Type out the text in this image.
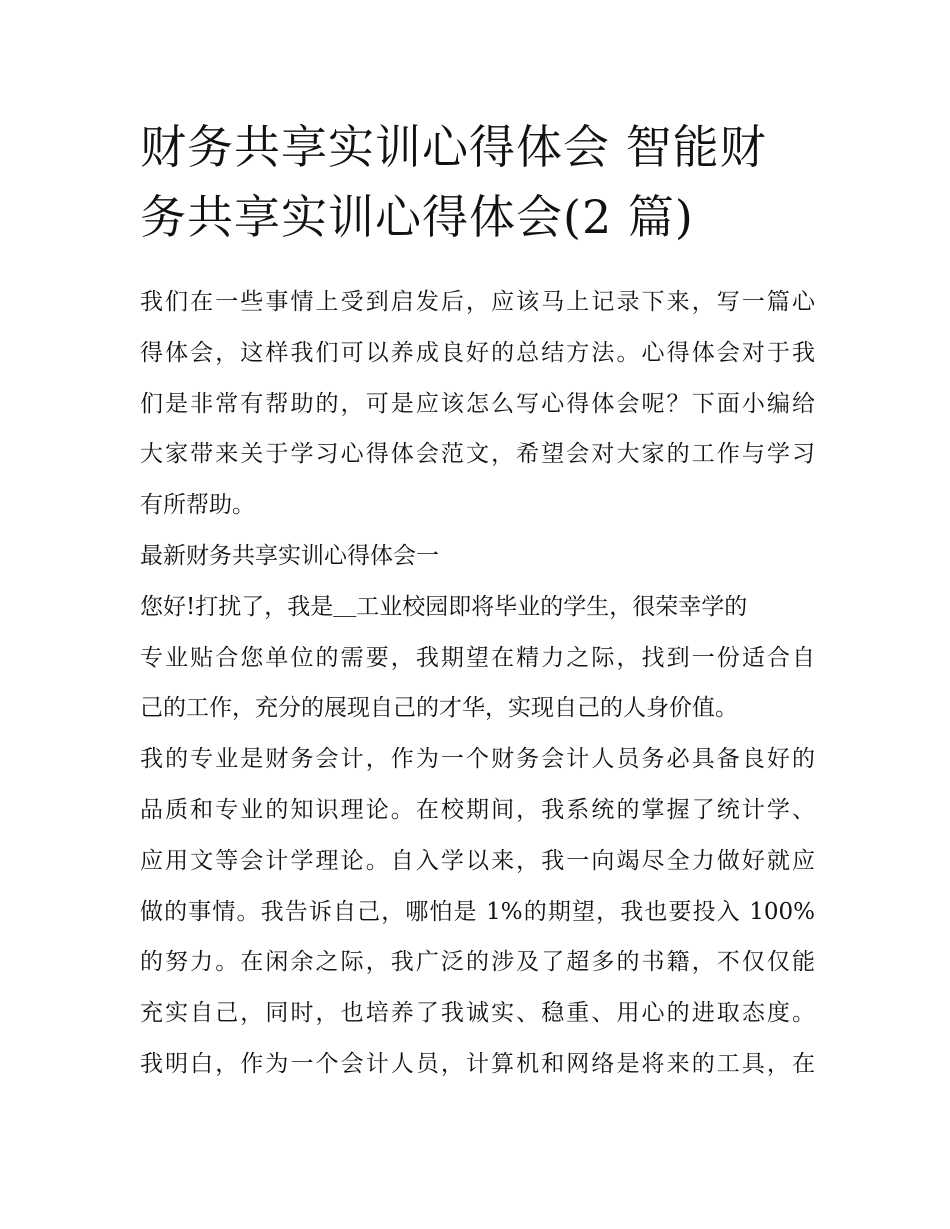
财务共享实训心得体会 智能财
务共享实训心得体会(2 篇)
我们在一些事情上受到启发后，应该马上记录下来，写一篇心
得体会，这样我们可以养成良好的总结方法。心得体会对于我
们是非常有帮助的，可是应该怎么写心得体会呢？下面小编给
大家带来关于学习心得体会范文，希望会对大家的工作与学习
有所帮助。
最新财务共享实训心得体会一
您好!打扰了，我是＿工业校园即将毕业的学生，很荣幸学的
专业贴合您单位的需要，我期望在精力之际，找到一份适合自
己的工作，充分的展现自己的才华，实现自己的人身价值。
我的专业是财务会计，作为一个财务会计人员务必具备良好的
品质和专业的知识理论。在校期间，我系统的掌握了统计学、
应用文等会计学理论。自入学以来，我一向竭尽全力做好就应
做的事情。我告诉自己，哪怕是 1%的期望，我也要投入 100%
的努力。在闲余之际，我广泛的涉及了超多的书籍，不仅仅能
充实自己，同时，也培养了我诚实、稳重、用心的进取态度。
我明白，作为一个会计人员，计算机和网络是将来的工具，在
